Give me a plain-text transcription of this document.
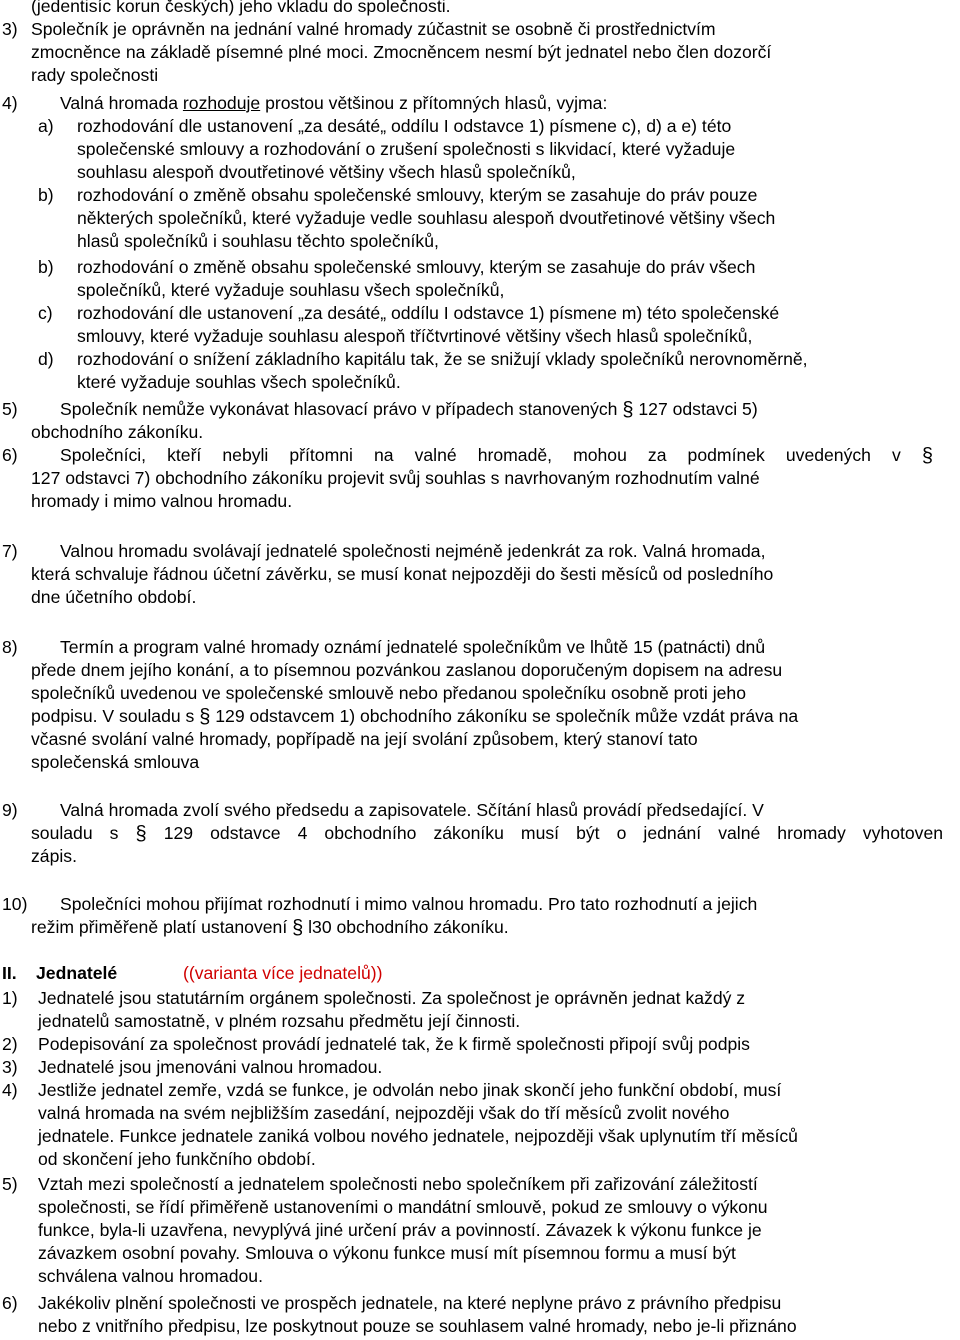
(jedentisíc korun českých) jeho vkladu do společnosti.
3) Společník je oprávněn na jednání valné hromady zúčastnit se osobně či prostřednictvím
zmocněnce na základě písemné plné moci. Zmocněncem nesmí být jednatel nebo člen dozorčí
rady společnosti
4) Valná hromada rozhoduje prostou většinou z přítomných hlasů, vyjma:
a) rozhodování dle ustanovení „za desáté„ oddílu I odstavce 1) písmene c), d) a e) této
společenské smlouvy a rozhodování o zrušení společnosti s likvidací, které vyžaduje
souhlasu alespoň dvoutřetinové většiny všech hlasů společníků,
b) rozhodování o změně obsahu společenské smlouvy, kterým se zasahuje do práv pouze
některých společníků, které vyžaduje vedle souhlasu alespoň dvoutřetinové většiny všech
hlasů společníků i souhlasu těchto společníků,
b) rozhodování o změně obsahu společenské smlouvy, kterým se zasahuje do práv všech
společníků, které vyžaduje souhlasu všech společníků,
c) rozhodování dle ustanovení „za desáté„ oddílu I odstavce 1) písmene m) této společenské
smlouvy, které vyžaduje souhlasu alespoň tříčtvrtinové většiny všech hlasů společníků,
d) rozhodování o snížení základního kapitálu tak, že se snižují vklady společníků nerovnoměrně,
které vyžaduje souhlas všech společníků.
5) Společník nemůže vykonávat hlasovací právo v případech stanovených § 127 odstavci 5)
obchodního zákoníku.
6) Společníci, kteří nebyli přítomni na valné hromadě, mohou za podmínek uvedených v §
127 odstavci 7) obchodního zákoníku projevit svůj souhlas s navrhovaným rozhodnutím valné
hromady i mimo valnou hromadu.
7) Valnou hromadu svolávají jednatelé společnosti nejméně jedenkrát za rok. Valná hromada,
která schvaluje řádnou účetní závěrku, se musí konat nejpozději do šesti měsíců od posledního
dne účetního období.
8) Termín a program valné hromady oznámí jednatelé společníkům ve lhůtě 15 (patnácti) dnů
přede dnem jejího konání, a to písemnou pozvánkou zaslanou doporučeným dopisem na adresu
společníků uvedenou ve společenské smlouvě nebo předanou společníku osobně proti jeho
podpisu. V souladu s § 129 odstavcem 1) obchodního zákoníku se společník může vzdát práva na
včasné svolání valné hromady, popřípadě na její svolání způsobem, který stanoví tato
společenská smlouva
9) Valná hromada zvolí svého předsedu a zapisovatele. Sčítání hlasů provádí předsedající. V
souladu s § 129 odstavce 4 obchodního zákoníku musí být o jednání valné hromady vyhotoven
zápis.
10) Společníci mohou přijímat rozhodnutí i mimo valnou hromadu. Pro tato rozhodnutí a jejich
režim přiměřeně platí ustanovení § l30 obchodního zákoníku.
II. Jednatelé	((varianta více jednatelů))
1) Jednatelé jsou statutárním orgánem společnosti. Za společnost je oprávněn jednat každý z
jednatelů samostatně, v plném rozsahu předmětu její činnosti.
2) Podepisování za společnost provádí jednatelé tak, že k firmě společnosti připojí svůj podpis
3) Jednatelé jsou jmenováni valnou hromadou.
4) Jestliže jednatel zemře, vzdá se funkce, je odvolán nebo jinak skončí jeho funkční období, musí
valná hromada na svém nejbližším zasedání, nejpozději však do tří měsíců zvolit nového
jednatele. Funkce jednatele zaniká volbou nového jednatele, nejpozději však uplynutím tří měsíců
od skončení jeho funkčního období.
5) Vztah mezi společností a jednatelem společnosti nebo společníkem při zařizování záležitostí
společnosti, se řídí přiměřeně ustanoveními o mandátní smlouvě, pokud ze smlouvy o výkonu
funkce, byla-li uzavřena, nevyplývá jiné určení práv a povinností. Závazek k výkonu funkce je
závazkem osobní povahy. Smlouva o výkonu funkce musí mít písemnou formu a musí být
schválena valnou hromadou.
6) Jakékoliv plnění společnosti ve prospěch jednatele, na které neplyne právo z právního předpisu
nebo z vnitřního předpisu, lze poskytnout pouze se souhlasem valné hromady, nebo je-li přiznáno
